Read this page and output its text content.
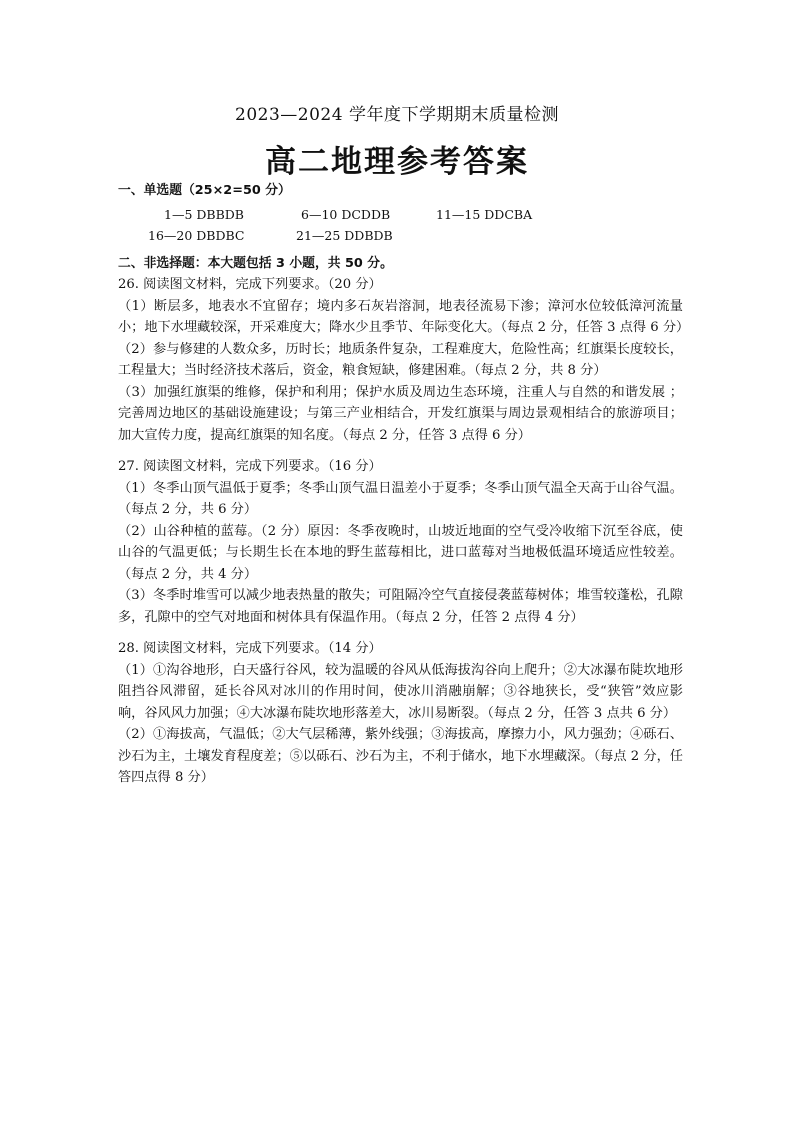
2023—2024 学年度下学期期末质量检测
高二地理参考答案
一、单选题（25×2=50 分）
1—5 DBBDB	6—10 DCDDB	11—15 DDCBA
16—20 DBDBC	21—25 DDBDB
二、非选择题：本大题包括 3 小题，共 50 分。

26. 阅读图文材料，完成下列要求。（20 分）

（1）断层多，地表水不宜留存；境内多石灰岩溶洞，地表径流易下渗；漳河水位较低漳河流量小；地下水埋藏较深，开采难度大；降水少且季节、年际变化大。（每点 2 分，任答 3 点得 6 分）

（2）参与修建的人数众多，历时长；地质条件复杂，工程难度大，危险性高；红旗渠长度较长，工程量大；当时经济技术落后，资金，粮食短缺，修建困难。（每点 2 分，共 8 分）

（3）加强红旗渠的维修，保护和利用；保护水质及周边生态环境，注重人与自然的和谐发展 ；完善周边地区的基础设施建设；与第三产业相结合，开发红旗渠与周边景观相结合的旅游项目；加大宣传力度，提高红旗渠的知名度。（每点 2 分，任答 3 点得 6 分）

27. 阅读图文材料，完成下列要求。（16 分）

（1）冬季山顶气温低于夏季；冬季山顶气温日温差小于夏季；冬季山顶气温全天高于山谷气温。（每点 2 分，共 6 分）

（2）山谷种植的蓝莓。（2 分）原因：冬季夜晚时，山坡近地面的空气受冷收缩下沉至谷底，使山谷的气温更低；与长期生长在本地的野生蓝莓相比，进口蓝莓对当地极低温环境适应性较差。（每点 2 分，共 4 分）

（3）冬季时堆雪可以减少地表热量的散失；可阻隔冷空气直接侵袭蓝莓树体；堆雪较蓬松，孔隙多，孔隙中的空气对地面和树体具有保温作用。（每点 2 分，任答 2 点得 4 分）

28. 阅读图文材料，完成下列要求。（14 分）

（1）①沟谷地形，白天盛行谷风，较为温暖的谷风从低海拔沟谷向上爬升；②大冰瀑布陡坎地形阻挡谷风滞留，延长谷风对冰川的作用时间，使冰川消融崩解；③谷地狭长，受“狭管”效应影响，谷风风力加强；④大冰瀑布陡坎地形落差大，冰川易断裂。（每点 2 分，任答 3 点共 6 分）

（2）①海拔高，气温低；②大气层稀薄，紫外线强；③海拔高，摩擦力小，风力强劲；④砾石、沙石为主，土壤发育程度差；⑤以砾石、沙石为主，不利于储水，地下水埋藏深。（每点 2 分，任答四点得 8 分）
